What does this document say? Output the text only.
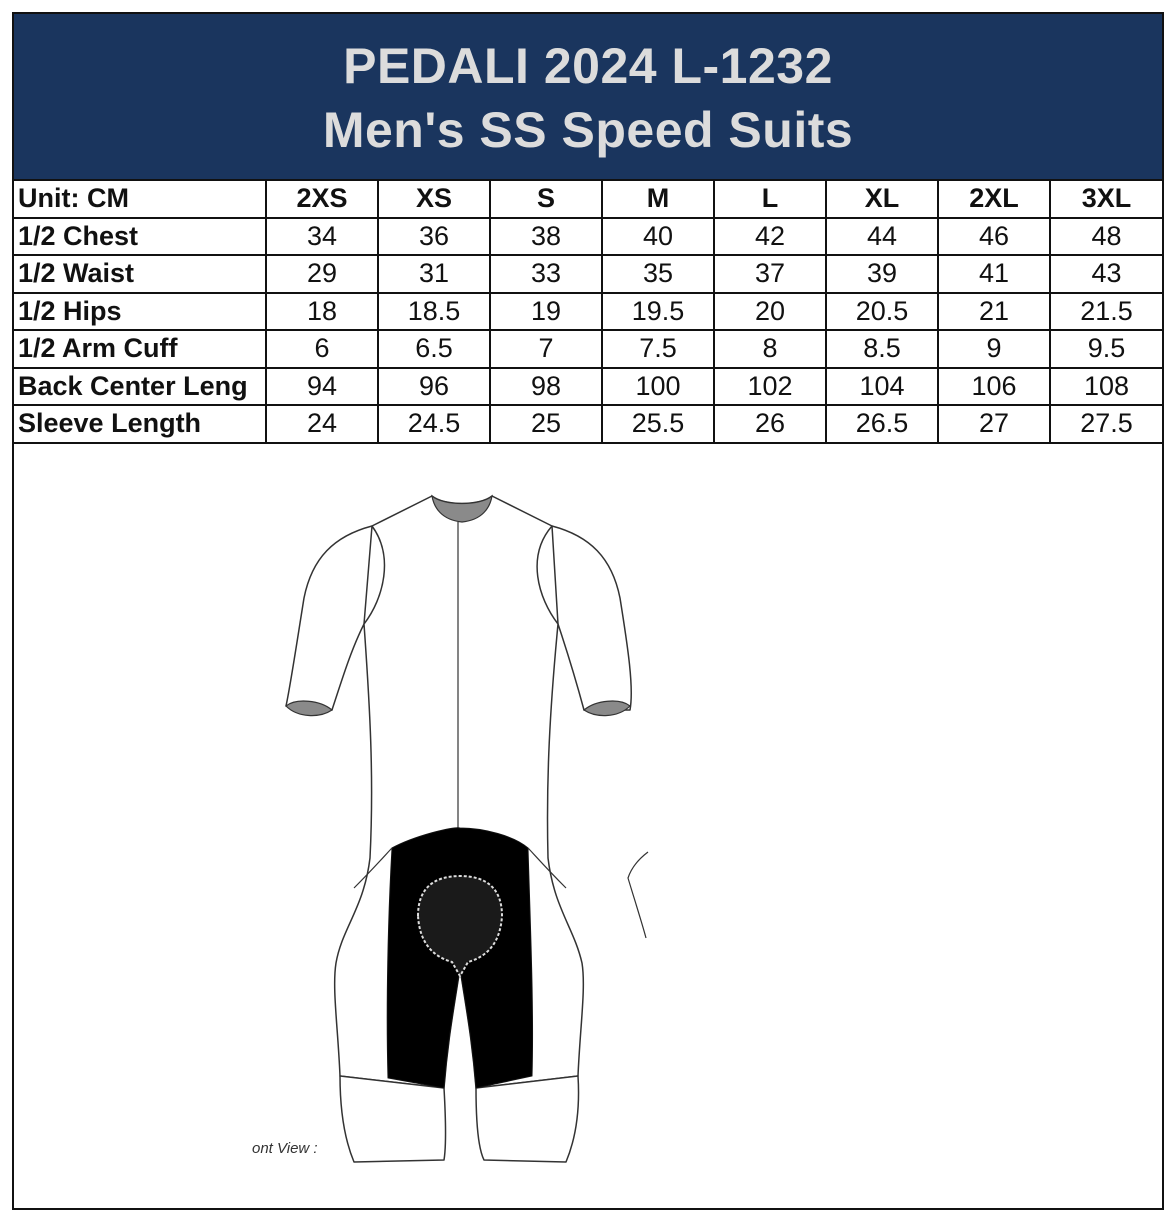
PEDALI 2024 L-1232
Men's SS Speed Suits
Unit: CM	2XS	XS	S	M	L	XL	2XL	3XL
1/2 Chest	34	36	38	40	42	44	46	48
1/2 Waist	29	31	33	35	37	39	41	43
1/2 Hips	18	18.5	19	19.5	20	20.5	21	21.5
1/2 Arm Cuff	6	6.5	7	7.5	8	8.5	9	9.5
Back Center Leng	94	96	98	100	102	104	106	108
Sleeve Length	24	24.5	25	25.5	26	26.5	27	27.5
ont View :
